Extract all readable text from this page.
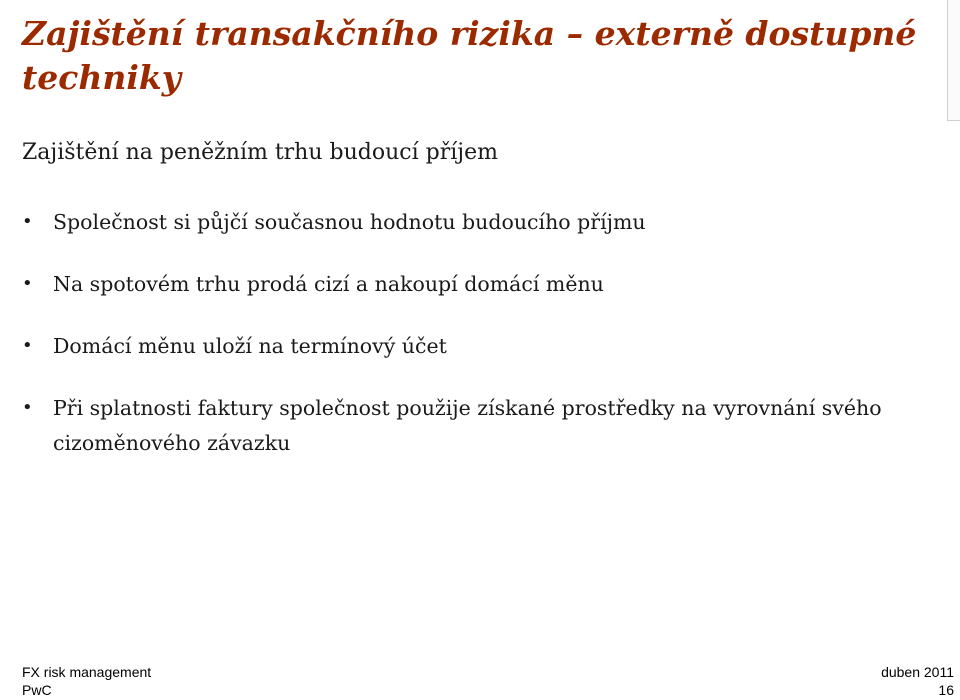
Zajištění transakčního rizika – externě dostupné techniky

Zajištění na peněžním trhu budoucí příjem

• Společnost si půjčí současnou hodnotu budoucího příjmu
• Na spotovém trhu prodá cizí a nakoupí domácí měnu
• Domácí měnu uloží na termínový účet
• Při splatnosti faktury společnost použije získané prostředky na vyrovnání svého cizoměnového závazku
FX risk management
PwC
duben 2011
16
